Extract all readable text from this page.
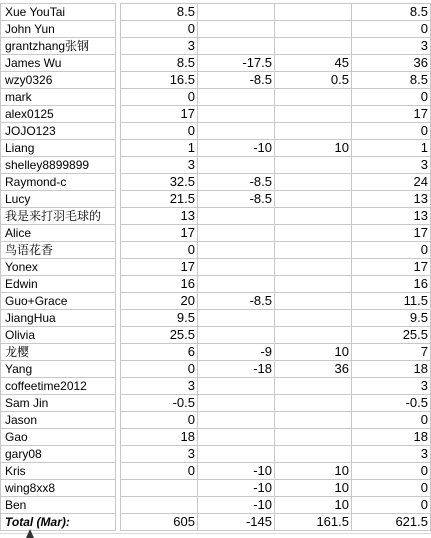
Xue YouTai		8.5			8.5
John Yun		0			0
grantzhang张钢		3			3
James Wu		8.5	-17.5	45	36
wzy0326		16.5	-8.5	0.5	8.5
mark		0			0
alex0125		17			17
JOJO123		0			0
Liang		1	-10	10	1
shelley8899899		3			3
Raymond-c		32.5	-8.5		24
Lucy		21.5	-8.5		13
我是来打羽毛球的		13			13
Alice		17			17
鸟语花香		0			0
Yonex		17			17
Edwin		16			16
Guo+Grace		20	-8.5		11.5
JiangHua		9.5			9.5
Olivia		25.5			25.5
龙樱		6	-9	10	7
Yang		0	-18	36	18
coffeetime2012		3			3
Sam Jin		-0.5			-0.5
Jason		0			0
Gao		18			18
gary08		3			3
Kris		0	-10	10	0
wing8xx8			-10	10	0
Ben			-10	10	0
Total (Mar):		605	-145	161.5	621.5
